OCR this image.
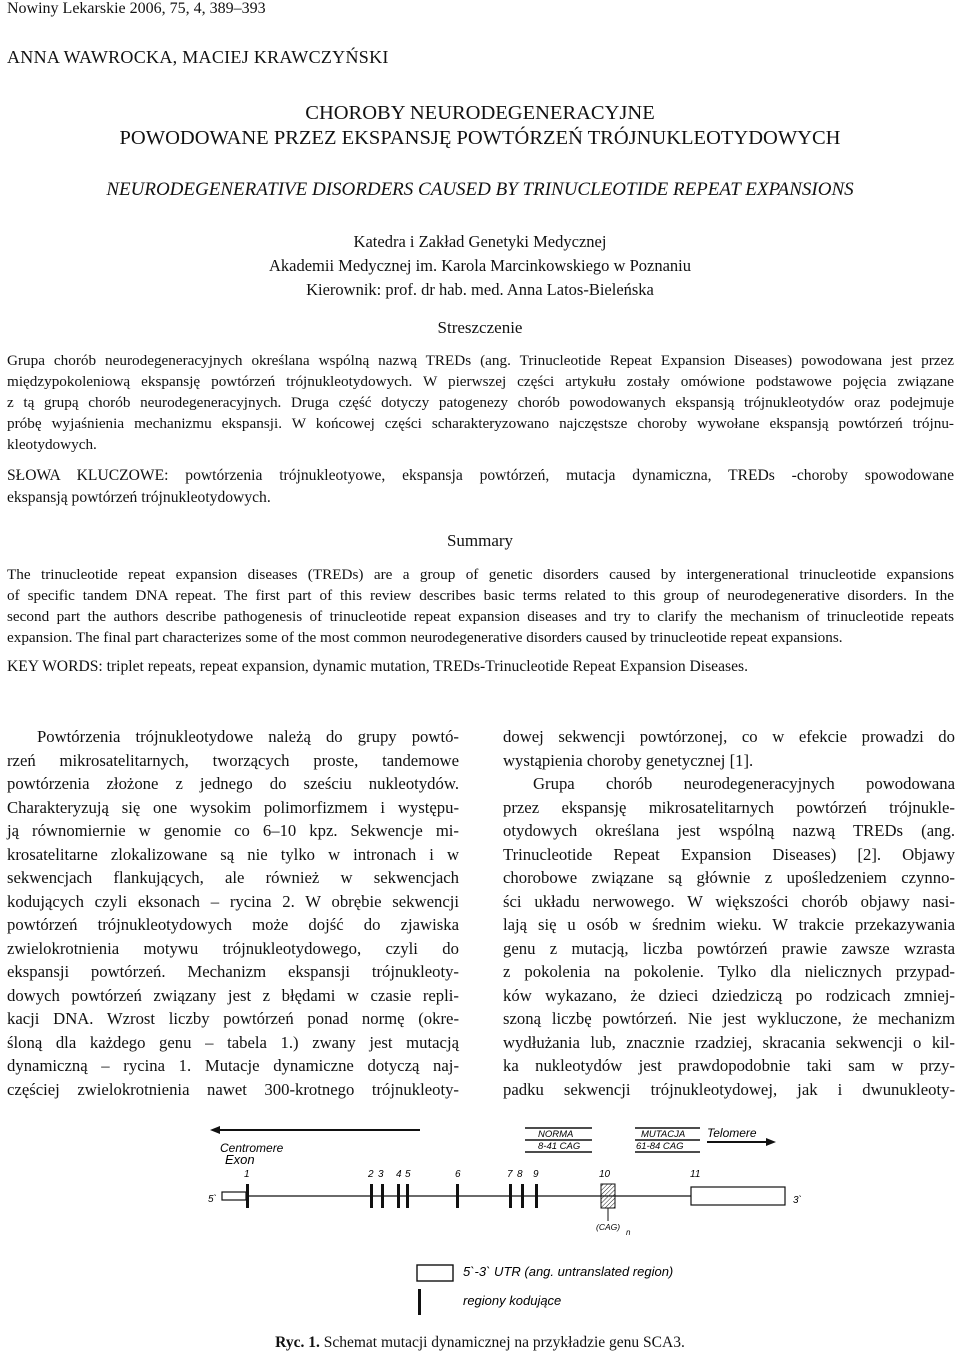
Nowiny Lekarskie 2006, 75, 4, 389–393
ANNA WAWROCKA, MACIEJ KRAWCZYŃSKI
CHOROBY NEURODEGENERACYJNE
POWODOWANE PRZEZ EKSPANSJĘ POWTÓRZEŃ TRÓJNUKLEOTYDOWYCH
NEURODEGENERATIVE DISORDERS CAUSED BY TRINUCLEOTIDE REPEAT EXPANSIONS
Katedra i Zakład Genetyki Medycznej
Akademii Medycznej im. Karola Marcinkowskiego w Poznaniu
Kierownik: prof. dr hab. med. Anna Latos-Bieleńska
Streszczenie
Grupa chorób neurodegeneracyjnych określana wspólną nazwą TREDs (ang. Trinucleotide Repeat Expansion Diseases) powodowana jest przez
międzypokoleniową ekspansję powtórzeń trójnukleotydowych. W pierwszej części artykułu zostały omówione podstawowe pojęcia związane
z tą grupą chorób neurodegeneracyjnych. Druga część dotyczy patogenezy chorób powodowanych ekspansją trójnukleotydów oraz podejmuje
próbę wyjaśnienia mechanizmu ekspansji. W końcowej części scharakteryzowano najczęstsze choroby wywołane ekspansją powtórzeń trójnu-
kleotydowych.
SŁOWA KLUCZOWE: powtórzenia trójnukleotyowe, ekspansja powtórzeń, mutacja dynamiczna, TREDs -choroby spowodowane
ekspansją powtórzeń trójnukleotydowych.
Summary
The trinucleotide repeat expansion diseases (TREDs) are a group of genetic disorders caused by intergenerational trinucleotide expansions
of specific tandem DNA repeat. The first part of this review describes basic terms related to this group of neurodegenerative disorders. In the
second part the authors describe pathogenesis of trinucleotide repeat expansion diseases and try to clarify the mechanism of trinucleotide repeats
expansion. The final part characterizes some of the most common neurodegenerative disorders caused by trinucleotide repeat expansions.
KEY WORDS: triplet repeats, repeat expansion, dynamic mutation, TREDs-Trinucleotide Repeat Expansion Diseases.
Powtórzenia trójnukleotydowe należą do grupy powtó-
rzeń mikrosatelitarnych, tworzących proste, tandemowe
powtórzenia złożone z jednego do sześciu nukleotydów.
Charakteryzują się one wysokim polimorfizmem i występu-
ją równomiernie w genomie co 6–10 kpz. Sekwencje mi-
krosatelitarne zlokalizowane są nie tylko w intronach i w
sekwencjach flankujących, ale również w sekwencjach
kodujących czyli eksonach – rycina 2. W obrębie sekwencji
powtórzeń trójnukleotydowych może dojść do zjawiska
zwielokrotnienia motywu trójnukleotydowego, czyli do
ekspansji powtórzeń. Mechanizm ekspansji trójnukleoty-
dowych powtórzeń związany jest z błędami w czasie repli-
kacji DNA. Wzrost liczby powtórzeń ponad normę (okre-
śloną dla każdego genu – tabela 1.) zwany jest mutacją
dynamiczną – rycina 1. Mutacje dynamiczne dotyczą naj-
częściej zwielokrotnienia nawet 300-krotnego trójnukleoty-
dowej sekwencji powtórzonej, co w efekcie prowadzi do
wystąpienia choroby genetycznej [1].
Grupa chorób neurodegeneracyjnych powodowana
przez ekspansję mikrosatelitarnych powtórzeń trójnukle-
otydowych określana jest wspólną nazwą TREDs (ang.
Trinucleotide Repeat Expansion Diseases) [2]. Objawy
chorobowe związane są głównie z upośledzeniem czynno-
ści układu nerwowego. W większości chorób objawy nasi-
lają się u osób w średnim wieku. W trakcie przekazywania
genu z mutacją, liczba powtórzeń prawie zawsze wzrasta
z pokolenia na pokolenie. Tylko dla nielicznych przypad-
ków wykazano, że dzieci dziedziczą po rodzicach zmniej-
szoną liczbę powtórzeń. Nie jest wykluczone, że mechanizm
wydłużania lub, znacznie rzadziej, skracania sekwencji o kil-
ka nukleotydów jest prawdopodobnie taki sam w przy-
padku sekwencji trójnukleotydowej, jak i dwunukleoty-
Centromere
NORMA
8-41 CAG
MUTACJA
61-84 CAG
Telomere
Exon
1	2 3 4 5	6	7 8 9	10	11
5`	3`
(CAG)
n
5`-3` UTR (ang. untranslated region)
regiony kodujące
Ryc. 1. Schemat mutacji dynamicznej na przykładzie genu SCA3.
